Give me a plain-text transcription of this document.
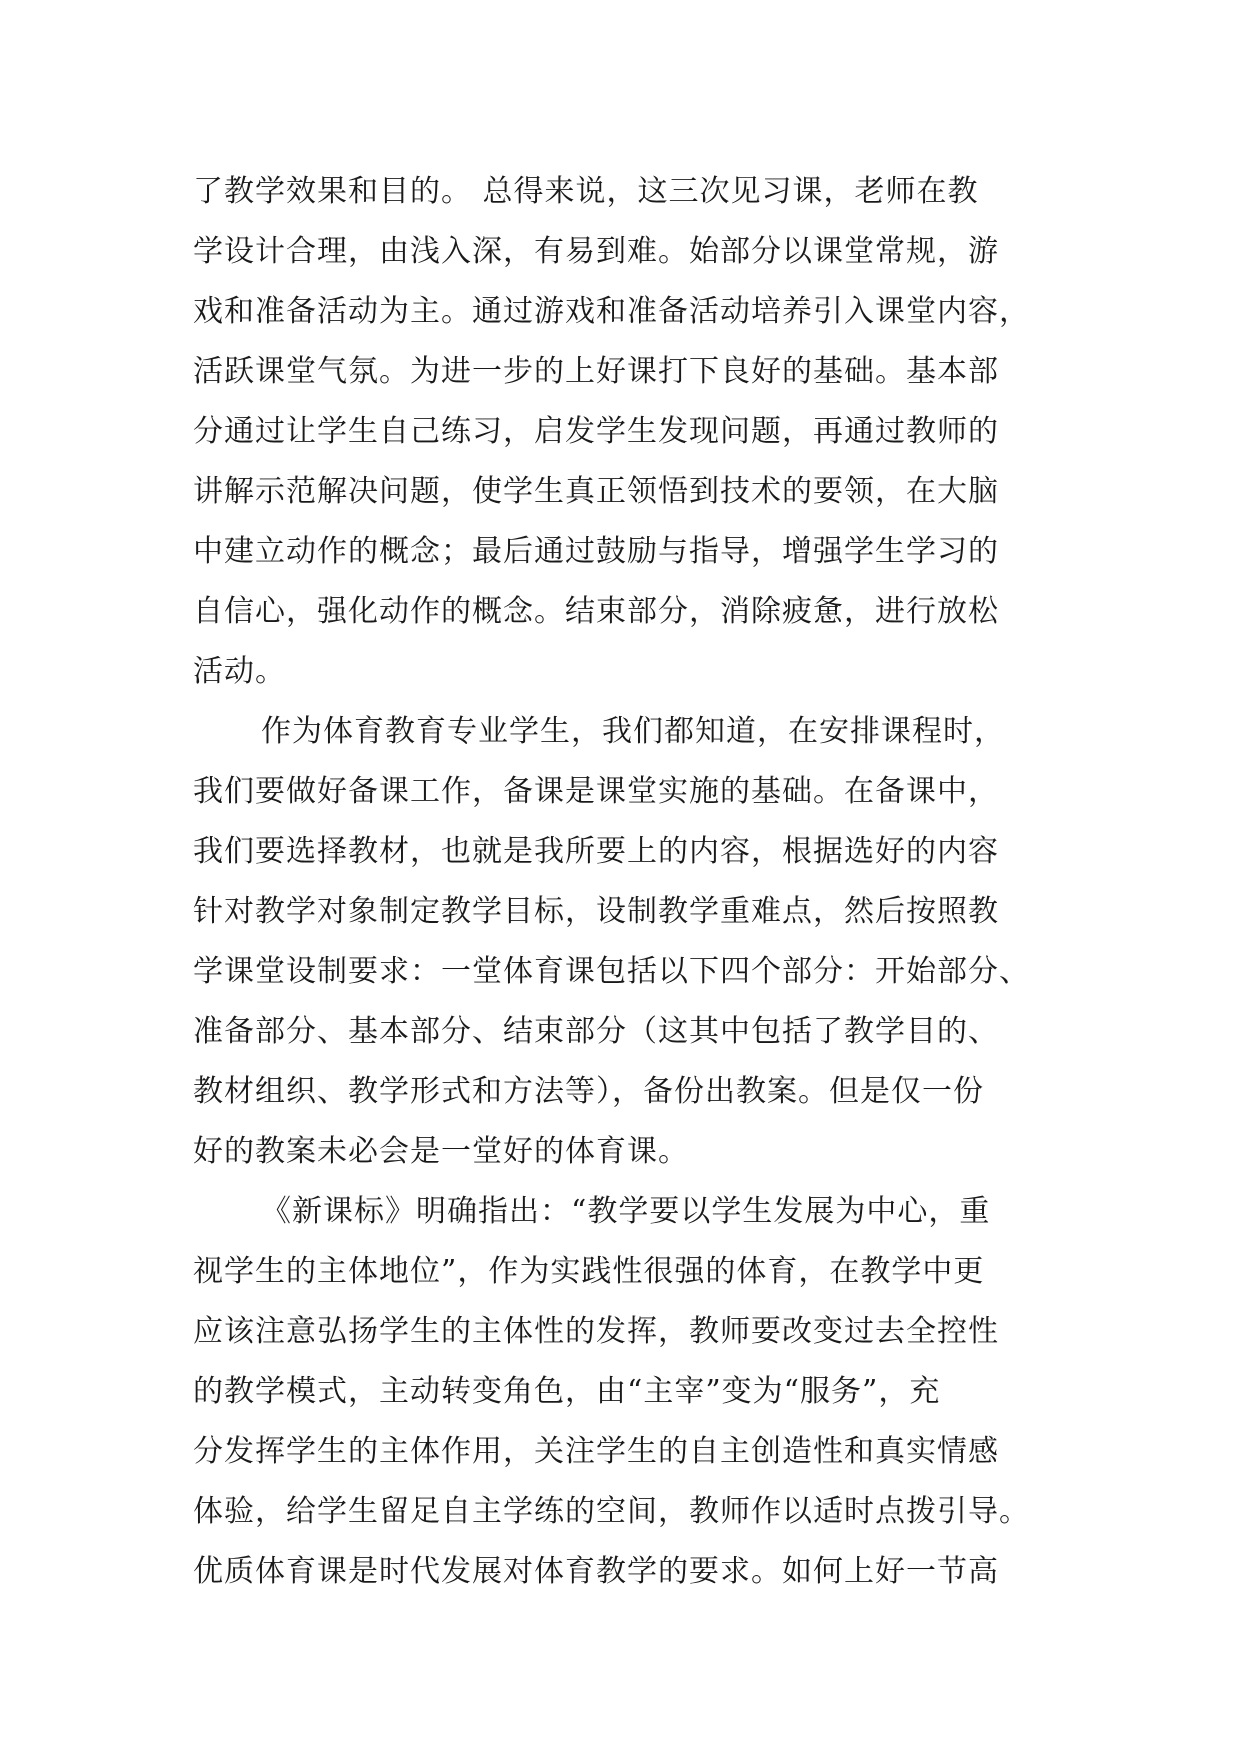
了教学效果和目的。 总得来说，这三次见习课，老师在教
学设计合理，由浅入深，有易到难。始部分以课堂常规，游
戏和准备活动为主。通过游戏和准备活动培养引入课堂内容，
活跃课堂气氛。为进一步的上好课打下良好的基础。基本部
分通过让学生自己练习，启发学生发现问题，再通过教师的
讲解示范解决问题，使学生真正领悟到技术的要领，在大脑
中建立动作的概念；最后通过鼓励与指导，增强学生学习的
自信心，强化动作的概念。结束部分，消除疲惫，进行放松
活动。
作为体育教育专业学生，我们都知道，在安排课程时，
我们要做好备课工作，备课是课堂实施的基础。在备课中，
我们要选择教材，也就是我所要上的内容，根据选好的内容
针对教学对象制定教学目标，设制教学重难点，然后按照教
学课堂设制要求：一堂体育课包括以下四个部分：开始部分、
准备部分、基本部分、结束部分（这其中包括了教学目的、
教材组织、教学形式和方法等），备份出教案。但是仅一份
好的教案未必会是一堂好的体育课。
《新课标》明确指出：“教学要以学生发展为中心，重
视学生的主体地位”，作为实践性很强的体育，在教学中更
应该注意弘扬学生的主体性的发挥，教师要改变过去全控性
的教学模式，主动转变角色，由“主宰”变为“服务”，充
分发挥学生的主体作用，关注学生的自主创造性和真实情感
体验，给学生留足自主学练的空间，教师作以适时点拨引导。
优质体育课是时代发展对体育教学的要求。如何上好一节高
